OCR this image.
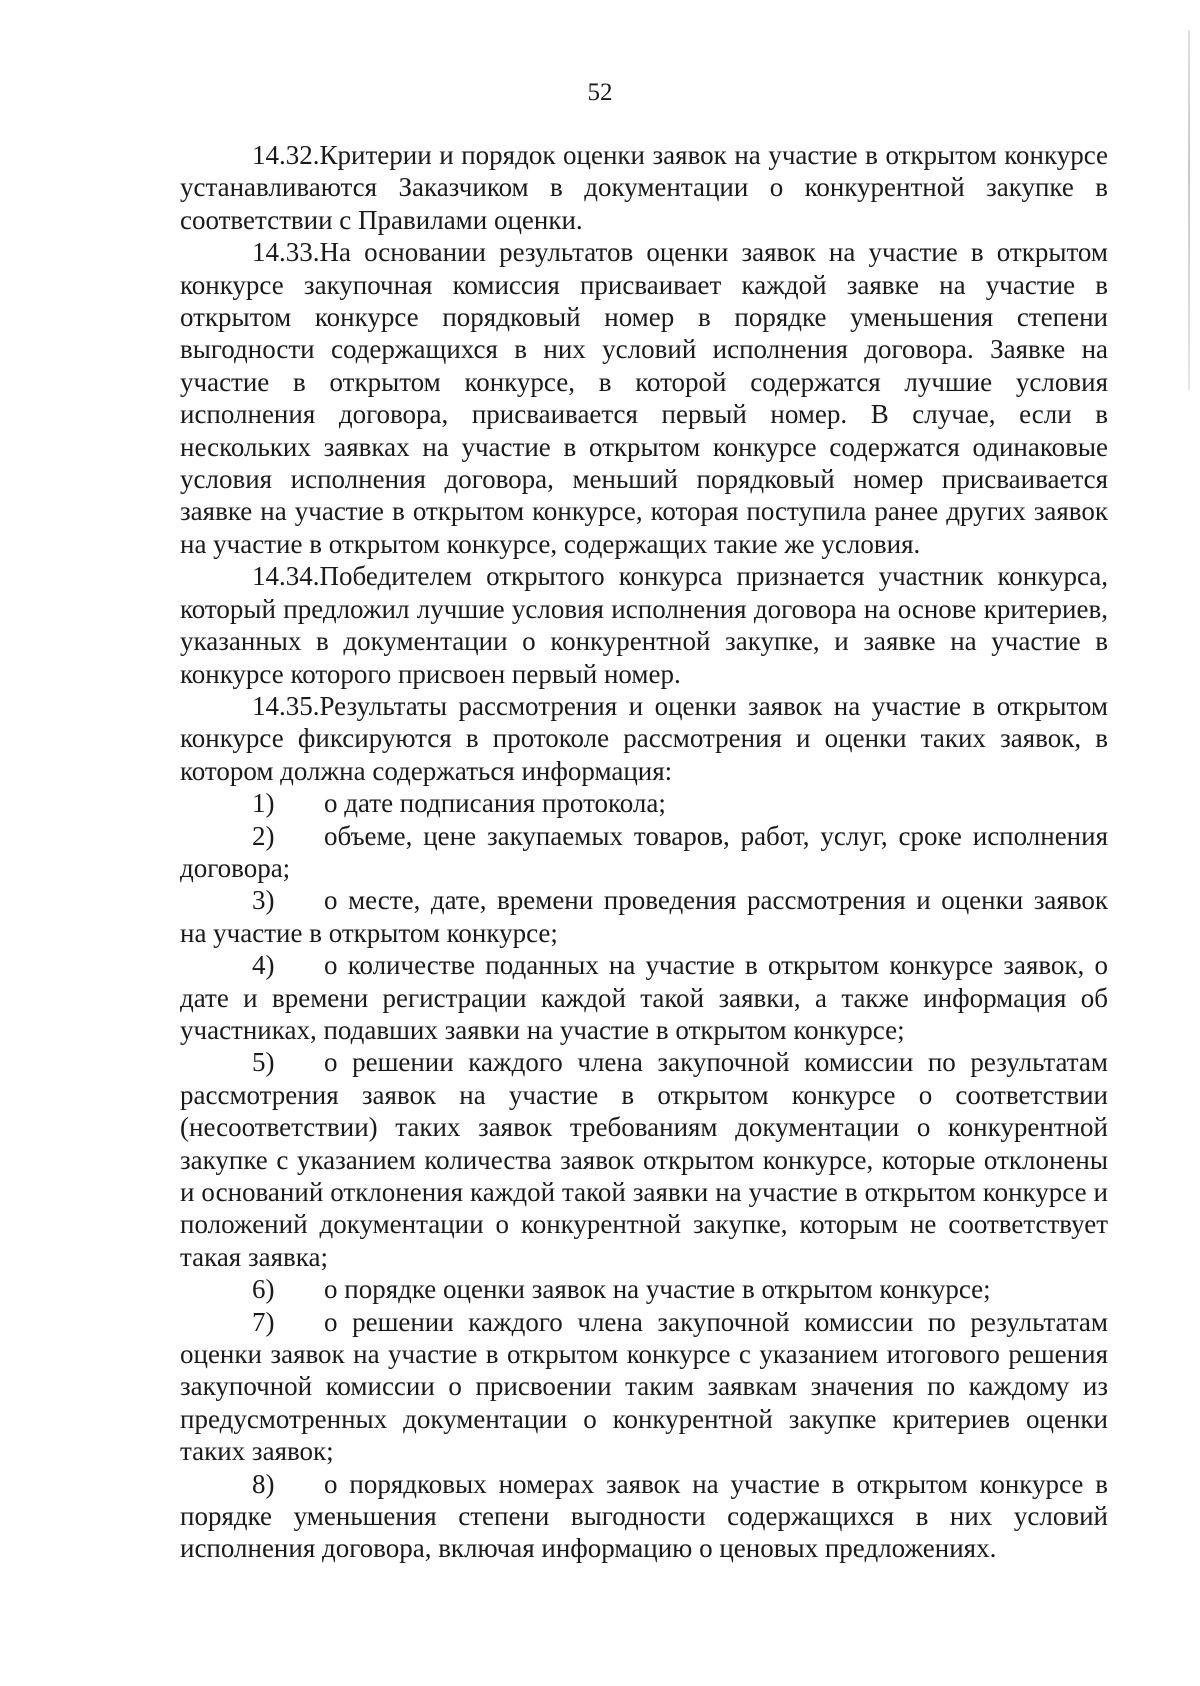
52

14.32.Критерии и порядок оценки заявок на участие в открытом конкурсе устанавливаются Заказчиком в документации о конкурентной закупке в соответствии с Правилами оценки.

14.33.На основании результатов оценки заявок на участие в открытом конкурсе закупочная комиссия присваивает каждой заявке на участие в открытом конкурсе порядковый номер в порядке уменьшения степени выгодности содержащихся в них условий исполнения договора. Заявке на участие в открытом конкурсе, в которой содержатся лучшие условия исполнения договора, присваивается первый номер. В случае, если в нескольких заявках на участие в открытом конкурсе содержатся одинаковые условия исполнения договора, меньший порядковый номер присваивается заявке на участие в открытом конкурсе, которая поступила ранее других заявок на участие в открытом конкурсе, содержащих такие же условия.

14.34.Победителем открытого конкурса признается участник конкурса, который предложил лучшие условия исполнения договора на основе критериев, указанных в документации о конкурентной закупке, и заявке на участие в конкурсе которого присвоен первый номер.

14.35.Результаты рассмотрения и оценки заявок на участие в открытом конкурсе фиксируются в протоколе рассмотрения и оценки таких заявок, в котором должна содержаться информация:

1) о дате подписания протокола;

2) объеме, цене закупаемых товаров, работ, услуг, сроке исполнения договора;

3) о месте, дате, времени проведения рассмотрения и оценки заявок на участие в открытом конкурсе;

4) о количестве поданных на участие в открытом конкурсе заявок, о дате и времени регистрации каждой такой заявки, а также информация об участниках, подавших заявки на участие в открытом конкурсе;

5) о решении каждого члена закупочной комиссии по результатам рассмотрения заявок на участие в открытом конкурсе о соответствии (несоответствии) таких заявок требованиям документации о конкурентной закупке с указанием количества заявок открытом конкурсе, которые отклонены и оснований отклонения каждой такой заявки на участие в открытом конкурсе и положений документации о конкурентной закупке, которым не соответствует такая заявка;

6) о порядке оценки заявок на участие в открытом конкурсе;

7) о решении каждого члена закупочной комиссии по результатам оценки заявок на участие в открытом конкурсе с указанием итогового решения закупочной комиссии о присвоении таким заявкам значения по каждому из предусмотренных документации о конкурентной закупке критериев оценки таких заявок;

8) о порядковых номерах заявок на участие в открытом конкурсе в порядке уменьшения степени выгодности содержащихся в них условий исполнения договора, включая информацию о ценовых предложениях.
